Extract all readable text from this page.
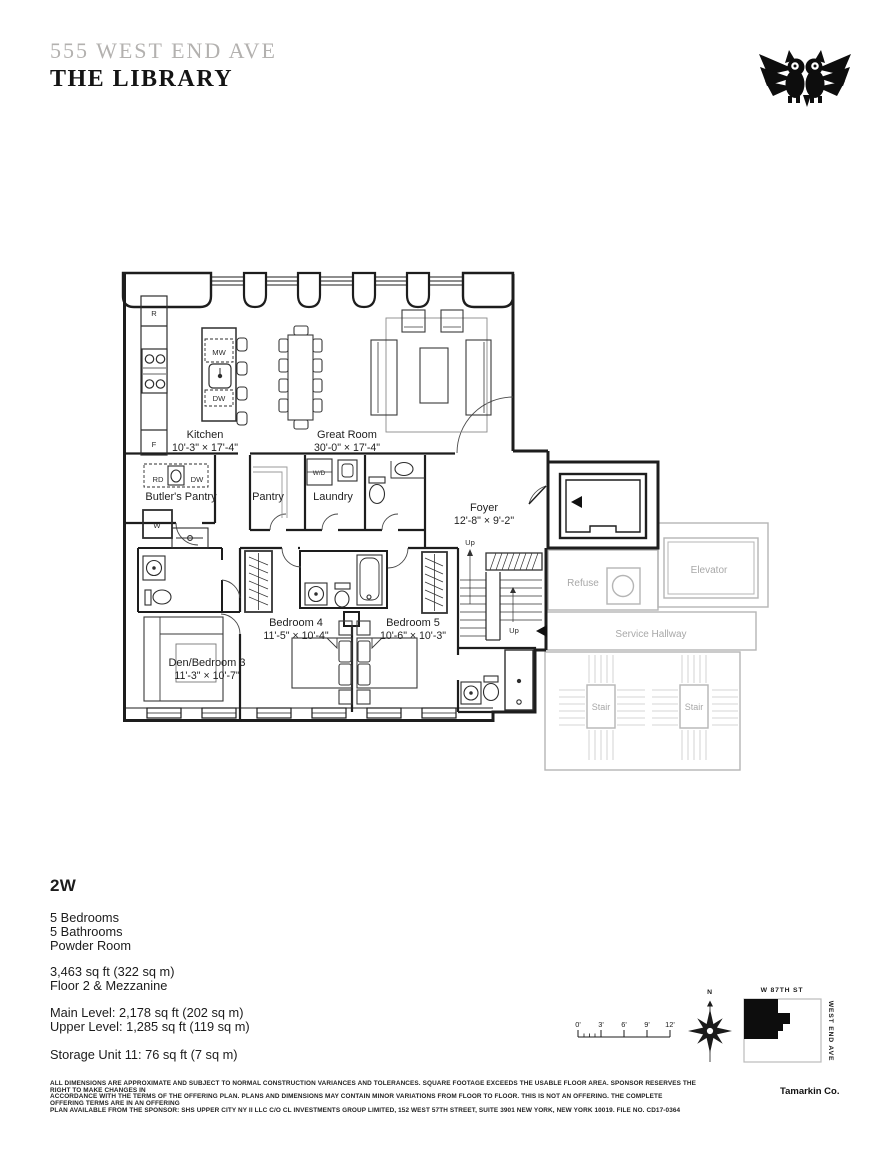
Refuse
Elevator
Service Hallway
Stair	Stair
R
F
MW
DW
RD	DW
W
W/D
Up
Up
Kitchen
10'-3" × 17'-4"
Great Room
30'-0" × 17'-4"
Butler's Pantry	Pantry	Laundry
Foyer
12'-8" × 9'-2"
Den/Bedroom 3
11'-3" × 10'-7"
Bedroom 4
11'-5" × 10'-4"
Bedroom 5
10'-6" × 10'-3"
0' 3' 6' 9' 12'
N	W 87TH ST
WEST END AVE
555 WEST END AVE
THE LIBRARY
2W
5 Bedrooms
5 Bathrooms
Powder Room
3,463 sq ft (322 sq m)
Floor 2 & Mezzanine
Main Level: 2,178 sq ft (202 sq m)
Upper Level: 1,285 sq ft (119 sq m)
Storage Unit 11: 76 sq ft (7 sq m)
ALL DIMENSIONS ARE APPROXIMATE AND SUBJECT TO NORMAL CONSTRUCTION VARIANCES AND TOLERANCES. SQUARE FOOTAGE EXCEEDS THE USABLE FLOOR AREA. SPONSOR RESERVES THE RIGHT TO MAKE CHANGES IN
ACCORDANCE WITH THE TERMS OF THE OFFERING PLAN. PLANS AND DIMENSIONS MAY CONTAIN MINOR VARIATIONS FROM FLOOR TO FLOOR. THIS IS NOT AN OFFERING. THE COMPLETE OFFERING TERMS ARE IN AN OFFERING
PLAN AVAILABLE FROM THE SPONSOR: SHS UPPER CITY NY II LLC C/O CL INVESTMENTS GROUP LIMITED, 152 WEST 57TH STREET, SUITE 3901 NEW YORK, NEW YORK 10019. FILE NO. CD17-0364
Tamarkin Co.
